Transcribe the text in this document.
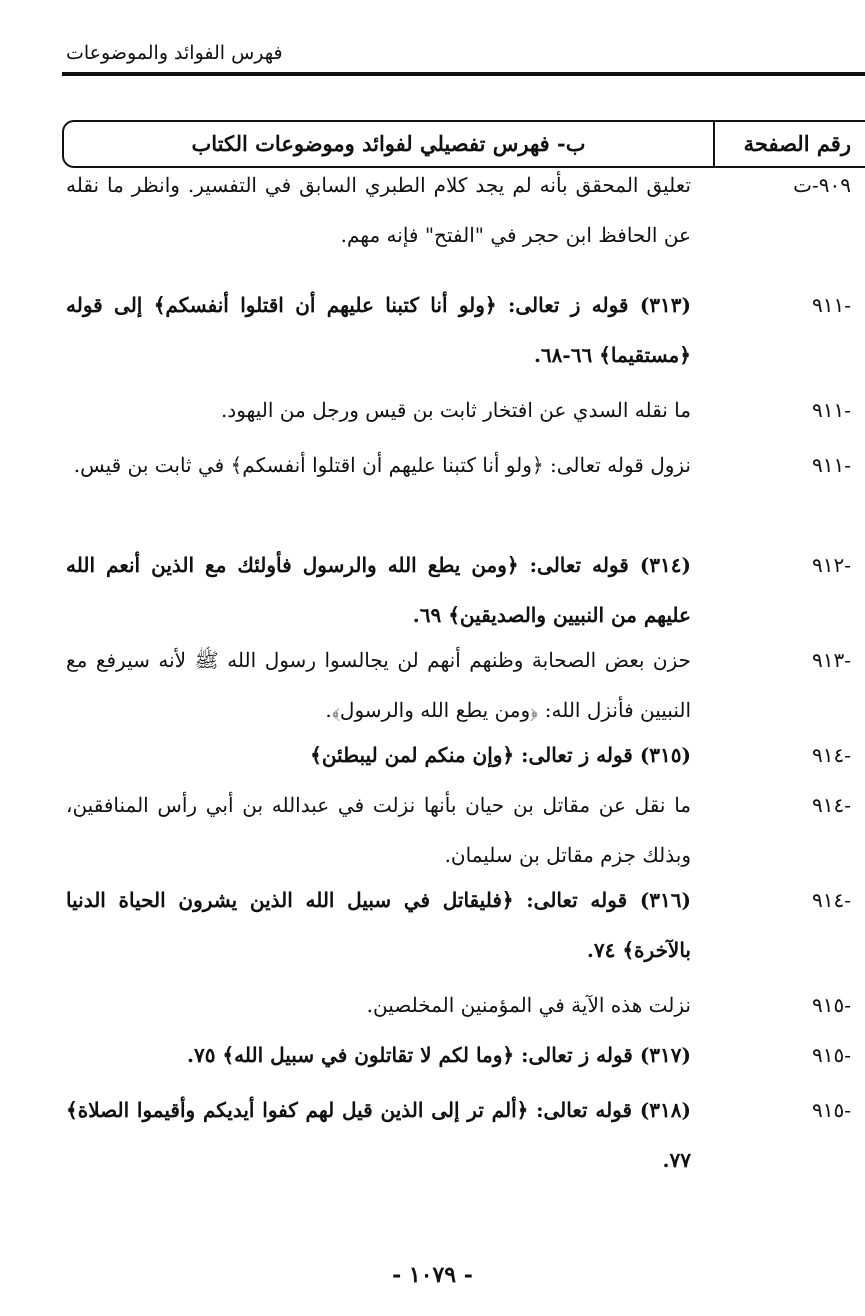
فهرس الفوائد والموضوعات
رقم الصفحة
ب- فهرس تفصيلي لفوائد وموضوعات الكتاب
٩٠٩-ت
تعليق المحقق بأنه لم يجد كلام الطبري السابق في التفسير. وانظر ما نقله عن الحافظ ابن حجر في "الفتح" فإنه مهم.
-٩١١
(٣١٣) قوله ز تعالى: ﴿ولو أنا كتبنا عليهم أن اقتلوا أنفسكم﴾ إلى قوله ﴿مستقيما﴾ ٦٦-٦٨.
-٩١١
ما نقله السدي عن افتخار ثابت بن قيس ورجل من اليهود.
-٩١١
نزول قوله تعالى: ﴿ولو أنا كتبنا عليهم أن اقتلوا أنفسكم﴾ في ثابت بن قيس.
-٩١٢
(٣١٤) قوله تعالى: ﴿ومن يطع الله والرسول فأولئك مع الذين أنعم الله عليهم من النبيين والصديقين﴾ ٦٩.
-٩١٣
حزن بعض الصحابة وظنهم أنهم لن يجالسوا رسول الله ﷺ لأنه سيرفع مع النبيين فأنزل الله: ﴿ومن يطع الله والرسول﴾.
-٩١٤
(٣١٥) قوله ز تعالى: ﴿وإن منكم لمن ليبطئن﴾
-٩١٤
ما نقل عن مقاتل بن حيان بأنها نزلت في عبدالله بن أبي رأس المنافقين، وبذلك جزم مقاتل بن سليمان.
-٩١٤
(٣١٦) قوله تعالى: ﴿فليقاتل في سبيل الله الذين يشرون الحياة الدنيا بالآخرة﴾ ٧٤.
-٩١٥
نزلت هذه الآية في المؤمنين المخلصين.
-٩١٥
(٣١٧) قوله ز تعالى: ﴿وما لكم لا تقاتلون في سبيل الله﴾ ٧٥.
-٩١٥
(٣١٨) قوله تعالى: ﴿ألم تر إلى الذين قيل لهم كفوا أيديكم وأقيموا الصلاة﴾ ٧٧.
- ١٠٧٩ -
